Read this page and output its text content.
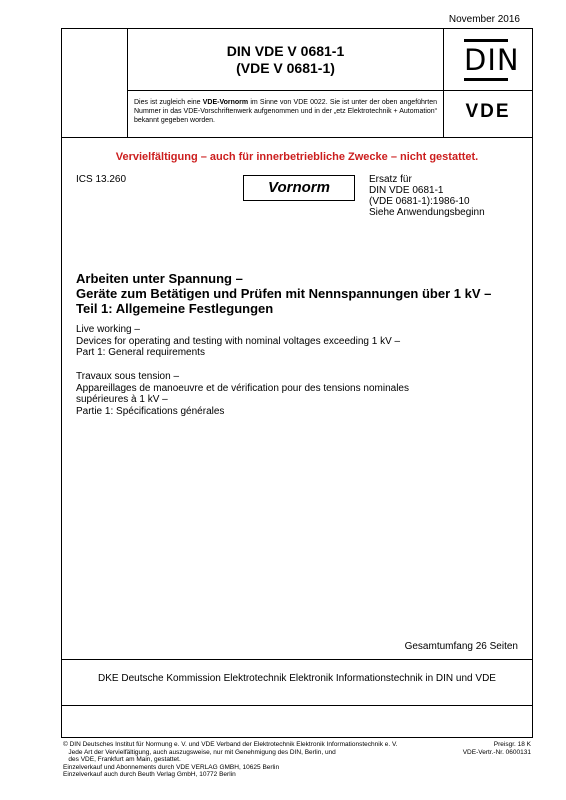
November 2016
DIN VDE V 0681-1
(VDE V 0681-1)	DIN
Dies ist zugleich eine VDE-Vornorm im Sinne von VDE 0022. Sie ist unter der oben angeführten Nummer in das VDE-Vorschriftenwerk aufgenommen und in der „etz Elektrotechnik + Automation“ bekannt gegeben worden.	VDE
Vervielfältigung – auch für innerbetriebliche Zwecke – nicht gestattet.
ICS 13.260	Vornorm	Ersatz für
DIN VDE 0681-1
(VDE 0681-1):1986-10
Siehe Anwendungsbeginn
Arbeiten unter Spannung –
Geräte zum Betätigen und Prüfen mit Nennspannungen über 1 kV –
Teil 1: Allgemeine Festlegungen
Live working –
Devices for operating and testing with nominal voltages exceeding 1 kV –
Part 1: General requirements
Travaux sous tension –
Appareillages de manoeuvre et de vérification pour des tensions nominales
supérieures à 1 kV –
Partie 1: Spécifications générales
Gesamtumfang 26 Seiten
DKE Deutsche Kommission Elektrotechnik Elektronik Informationstechnik in DIN und VDE
© DIN Deutsches Institut für Normung e. V. und VDE Verband der Elektrotechnik Elektronik Informationstechnik e. V.
Jede Art der Vervielfältigung, auch auszugsweise, nur mit Genehmigung des DIN, Berlin, und
des VDE, Frankfurt am Main, gestattet.
Einzelverkauf und Abonnements durch VDE VERLAG GMBH, 10625 Berlin
Einzelverkauf auch durch Beuth Verlag GmbH, 10772 Berlin
Preisgr. 18 K
VDE-Vertr.-Nr. 0600131
